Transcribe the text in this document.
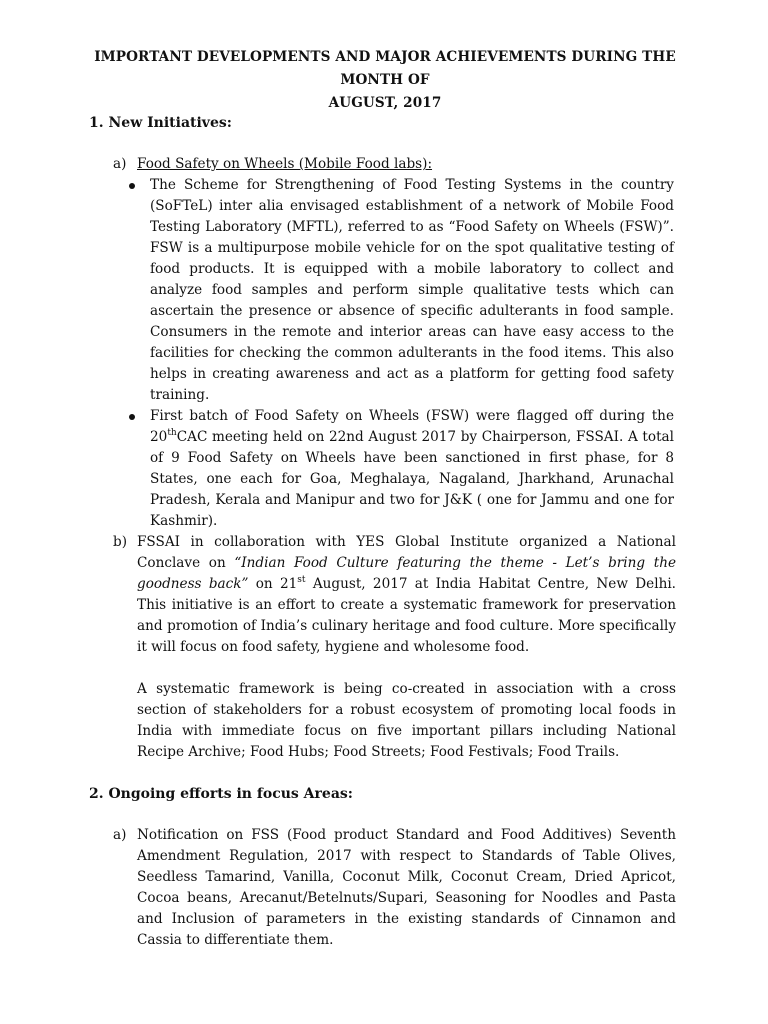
IMPORTANT DEVELOPMENTS AND MAJOR ACHIEVEMENTS DURING THE MONTH OF
AUGUST, 2017
1. New Initiatives:
a) Food Safety on Wheels (Mobile Food labs):
The Scheme for Strengthening of Food Testing Systems in the country (SoFTeL) inter alia envisaged establishment of a network of Mobile Food Testing Laboratory (MFTL), referred to as “Food Safety on Wheels (FSW)”. FSW is a multipurpose mobile vehicle for on the spot qualitative testing of food products. It is equipped with a mobile laboratory to collect and analyze food samples and perform simple qualitative tests which can ascertain the presence or absence of specific adulterants in food sample. Consumers in the remote and interior areas can have easy access to the facilities for checking the common adulterants in the food items. This also helps in creating awareness and act as a platform for getting food safety training.
First batch of Food Safety on Wheels (FSW) were flagged off during the 20thCAC meeting held on 22nd August 2017 by Chairperson, FSSAI. A total of 9 Food Safety on Wheels have been sanctioned in first phase, for 8 States, one each for Goa, Meghalaya, Nagaland, Jharkhand, Arunachal Pradesh, Kerala and Manipur and two for J&K ( one for Jammu and one for Kashmir).
b) FSSAI in collaboration with YES Global Institute organized a National Conclave on “Indian Food Culture featuring the theme - Let’s bring the goodness back” on 21st August, 2017 at India Habitat Centre, New Delhi. This initiative is an effort to create a systematic framework for preservation and promotion of India’s culinary heritage and food culture. More specifically it will focus on food safety, hygiene and wholesome food.
A systematic framework is being co-created in association with a cross section of stakeholders for a robust ecosystem of promoting local foods in India with immediate focus on five important pillars including National Recipe Archive; Food Hubs; Food Streets; Food Festivals; Food Trails.
2. Ongoing efforts in focus Areas:
a) Notification on FSS (Food product Standard and Food Additives) Seventh Amendment Regulation, 2017 with respect to Standards of Table Olives, Seedless Tamarind, Vanilla, Coconut Milk, Coconut Cream, Dried Apricot, Cocoa beans, Arecanut/Betelnuts/Supari, Seasoning for Noodles and Pasta and Inclusion of parameters in the existing standards of Cinnamon and Cassia to differentiate them.
